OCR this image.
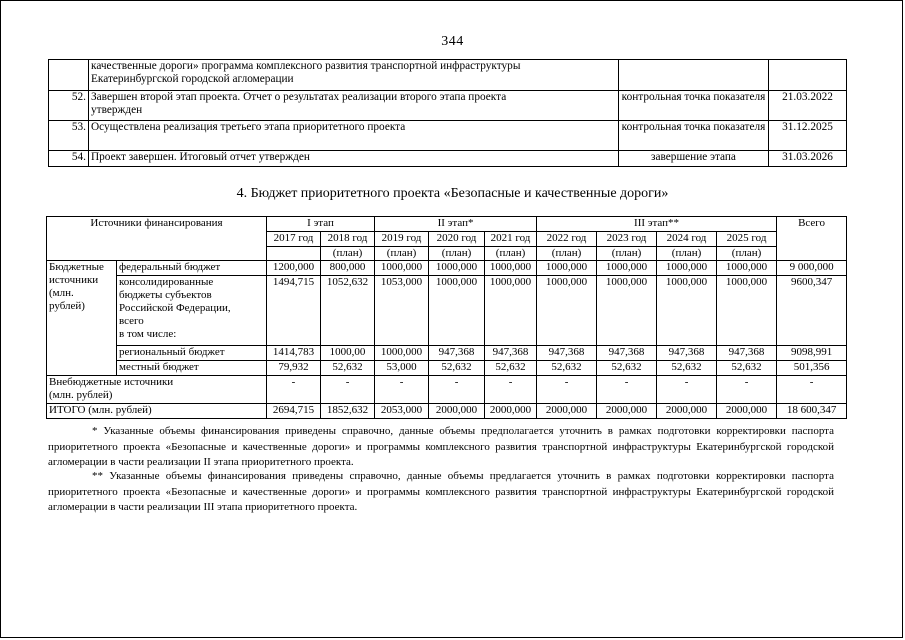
344

	качественные дороги» программа комплексного развития транспортной инфраструктуры
Екатеринбургской городской агломерации		

52.	Завершен второй этап проекта. Отчет о результатах реализации второго этапа проекта
утвержден	контрольная точка показателя	21.03.2022
53.	Осуществлена реализация третьего этапа приоритетного проекта	контрольная точка показателя	31.12.2025
54.	Проект завершен. Итоговый отчет утвержден	завершение этапа	31.03.2026
4. Бюджет приоритетного проекта «Безопасные и качественные дороги»
Источники финансирования		I этап		II этап*			III этап**				Всего
		2017 год	2018 год	2019 год	2020 год	2021 год	2022 год	2023 год	2024 год	2025 год	
			(план)	(план)	(план)	(план)	(план)	(план)	(план)	(план)	

Бюджетные
источники
(млн.
рублей)	федеральный бюджет	1200,000	800,000	1000,000	1000,000	1000,000	1000,000	1000,000	1000,000	1000,000	9 000,000

	консолидированные
бюджеты субъектов
Российской Федерации,
всего
в том числе:	1494,715	1052,632	1053,000	1000,000	1000,000	1000,000	1000,000	1000,000	1000,000	9600,347
	региональный бюджет	1414,783	1000,00	1000,000	947,368	947,368	947,368	947,368	947,368	947,368	9098,991
	местный бюджет	79,932	52,632	53,000	52,632	52,632	52,632	52,632	52,632	52,632	501,356

Внебюджетные источники
(млн. рублей)		-	-	-	-	-	-	-	-	-	-
ИТОГО (млн. рублей)		2694,715	1852,632	2053,000	2000,000	2000,000	2000,000	2000,000	2000,000	2000,000	18 600,347
* Указанные объемы финансирования приведены справочно, данные объемы предполагается уточнить в рамках подготовки корректировки паспорта приоритетного проекта «Безопасные и качественные дороги» и программы комплексного развития транспортной инфраструктуры Екатеринбургской городской агломерации в части реализации II этапа приоритетного проекта.
** Указанные объемы финансирования приведены справочно, данные объемы предлагается уточнить в рамках подготовки корректировки паспорта приоритетного проекта «Безопасные и качественные дороги» и программы комплексного развития транспортной инфраструктуры Екатеринбургской городской агломерации в части реализации III этапа приоритетного проекта.
